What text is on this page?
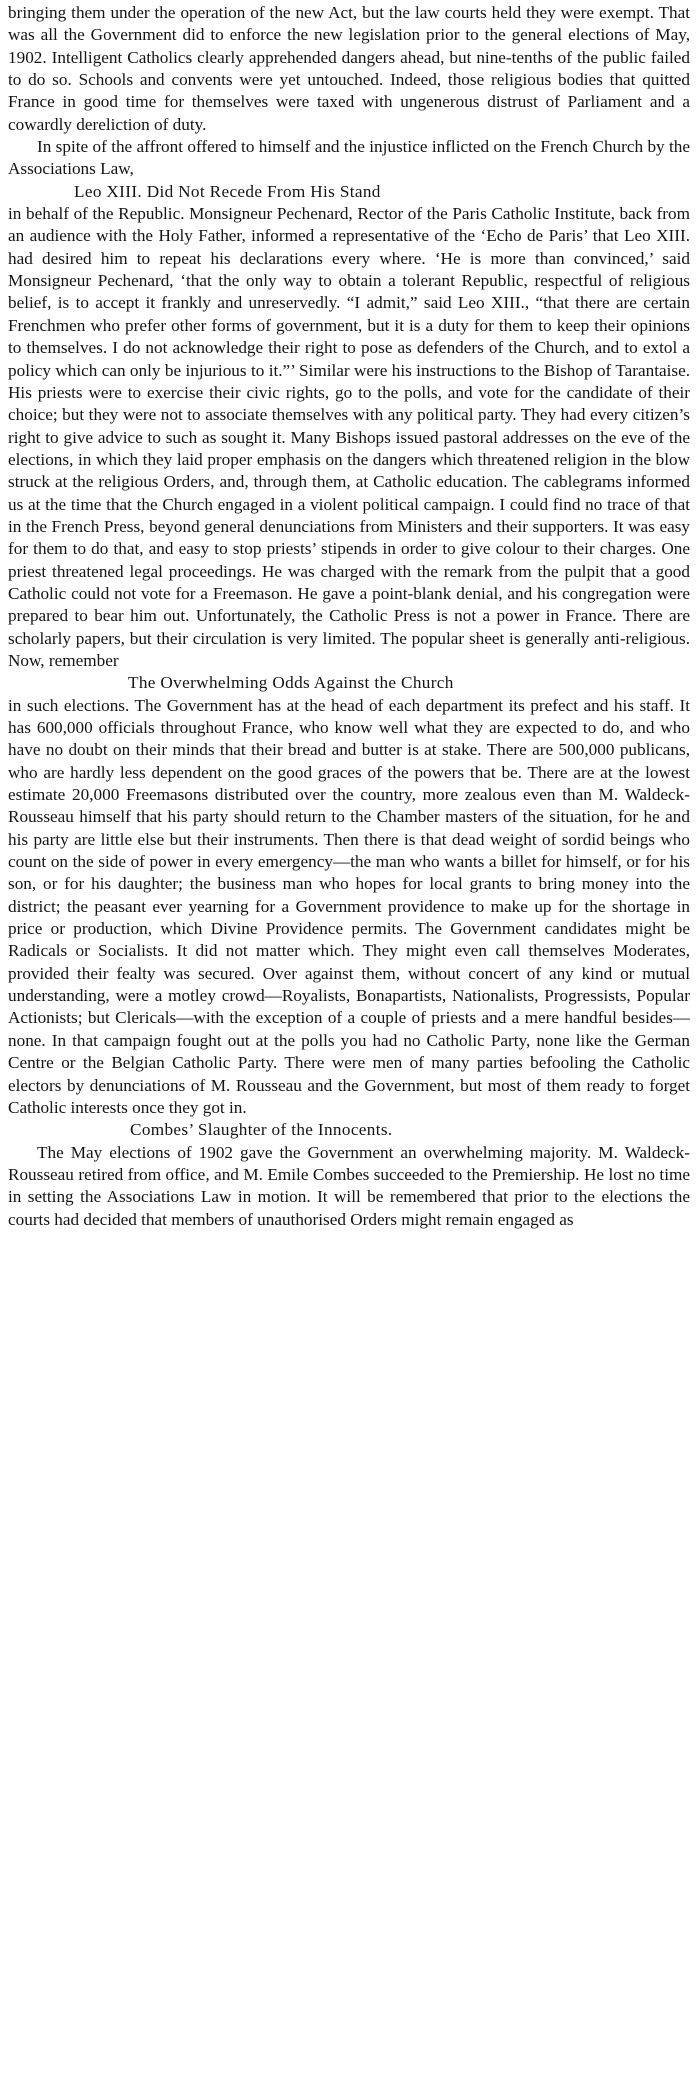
bringing them under the operation of the new Act, but the law courts held they were exempt. That was all the Government did to enforce the new legislation prior to the general elections of May, 1902. Intelligent Catholics clearly apprehended dangers ahead, but nine-tenths of the public failed to do so. Schools and convents were yet untouched. Indeed, those religious bodies that quitted France in good time for themselves were taxed with ungenerous distrust of Parliament and a cowardly dereliction of duty.

In spite of the affront offered to himself and the injustice inflicted on the French Church by the Associations Law,

Leo XIII. Did Not Recede From His Stand

in behalf of the Republic. Monsigneur Pechenard, Rector of the Paris Catholic Institute, back from an audience with the Holy Father, informed a representative of the ‘Echo de Paris’ that Leo XIII. had desired him to repeat his declarations every where. ‘He is more than convinced,’ said Monsigneur Pechenard, ‘that the only way to obtain a tolerant Republic, respectful of religious belief, is to accept it frankly and unreservedly. “I admit,” said Leo XIII., “that there are certain Frenchmen who prefer other forms of government, but it is a duty for them to keep their opinions to themselves. I do not acknowledge their right to pose as defenders of the Church, and to extol a policy which can only be injurious to it.”’ Similar were his instructions to the Bishop of Tarantaise. His priests were to exercise their civic rights, go to the polls, and vote for the candidate of their choice; but they were not to associate themselves with any political party. They had every citizen’s right to give advice to such as sought it. Many Bishops issued pastoral addresses on the eve of the elections, in which they laid proper emphasis on the dangers which threatened religion in the blow struck at the religious Orders, and, through them, at Catholic education. The cablegrams informed us at the time that the Church engaged in a violent political campaign. I could find no trace of that in the French Press, beyond general denunciations from Ministers and their supporters. It was easy for them to do that, and easy to stop priests’ stipends in order to give colour to their charges. One priest threatened legal proceedings. He was charged with the remark from the pulpit that a good Catholic could not vote for a Freemason. He gave a point-blank denial, and his congregation were prepared to bear him out. Unfortunately, the Catholic Press is not a power in France. There are scholarly papers, but their circulation is very limited. The popular sheet is generally anti-religious. Now, remember

The Overwhelming Odds Against the Church

in such elections. The Government has at the head of each department its prefect and his staff. It has 600,000 officials throughout France, who know well what they are expected to do, and who have no doubt on their minds that their bread and butter is at stake. There are 500,000 publicans, who are hardly less dependent on the good graces of the powers that be. There are at the lowest estimate 20,000 Freemasons distributed over the country, more zealous even than M. Waldeck-Rousseau himself that his party should return to the Chamber masters of the situation, for he and his party are little else but their instruments. Then there is that dead weight of sordid beings who count on the side of power in every emergency—the man who wants a billet for himself, or for his son, or for his daughter; the business man who hopes for local grants to bring money into the district; the peasant ever yearning for a Government providence to make up for the shortage in price or production, which Divine Providence permits. The Government candidates might be Radicals or Socialists. It did not matter which. They might even call themselves Moderates, provided their fealty was secured. Over against them, without concert of any kind or mutual understanding, were a motley crowd—Royalists, Bonapartists, Nationalists, Progressists, Popular Actionists; but Clericals—with the exception of a couple of priests and a mere handful besides—none. In that campaign fought out at the polls you had no Catholic Party, none like the German Centre or the Belgian Catholic Party. There were men of many parties befooling the Catholic electors by denunciations of M. Rousseau and the Government, but most of them ready to forget Catholic interests once they got in.

Combes’ Slaughter of the Innocents.

The May elections of 1902 gave the Government an overwhelming majority. M. Waldeck-Rousseau retired from office, and M. Emile Combes succeeded to the Premiership. He lost no time in setting the Associations Law in motion. It will be remembered that prior to the elections the courts had decided that members of unauthorised Orders might remain engaged as
